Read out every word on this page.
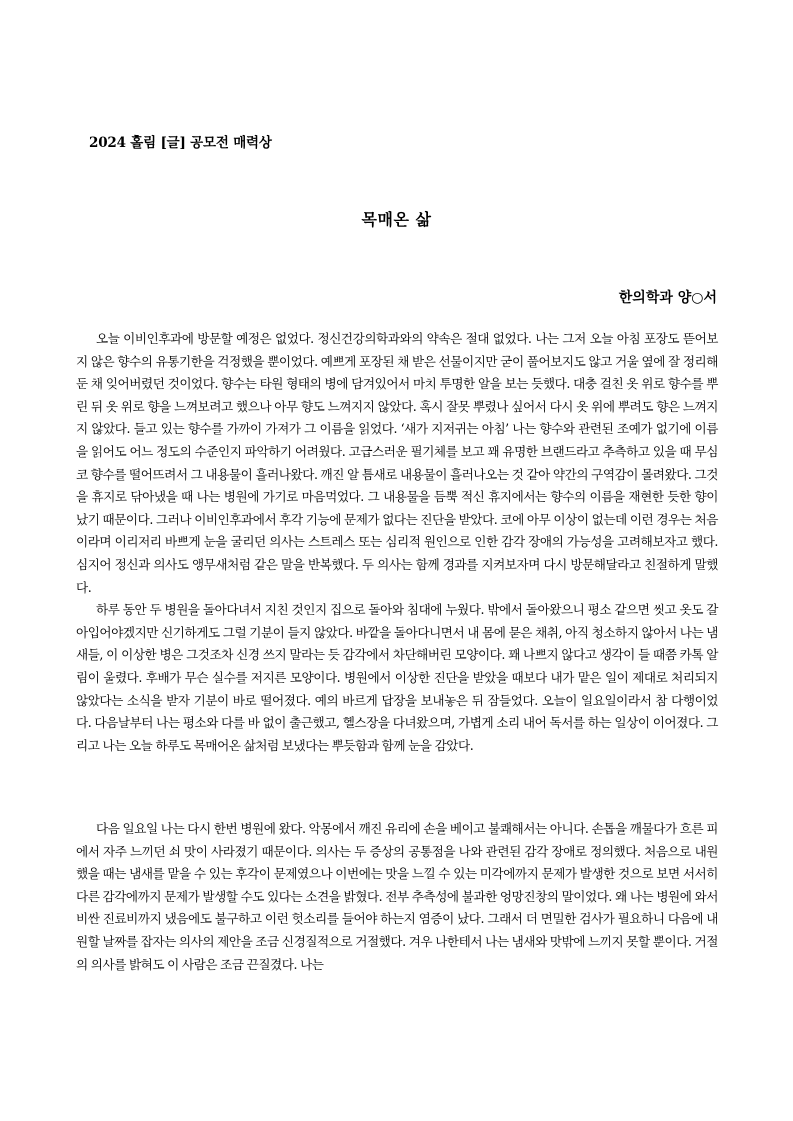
2024 홀림 [글] 공모전 매력상
목매온 삶
한의학과 양○서

오늘 이비인후과에 방문할 예정은 없었다. 정신건강의학과와의 약속은 절대 없었다. 나는 그저 오늘 아침 포장도 뜯어보지 않은 향수의 유통기한을 걱정했을 뿐이었다. 예쁘게 포장된 채 받은 선물이지만 굳이 풀어보지도 않고 거울 옆에 잘 정리해둔 채 잊어버렸던 것이었다. 향수는 타원 형태의 병에 담겨있어서 마치 투명한 알을 보는 듯했다. 대충 걸친 옷 위로 향수를 뿌린 뒤 옷 위로 향을 느껴보려고 했으나 아무 향도 느껴지지 않았다. 혹시 잘못 뿌렸나 싶어서 다시 옷 위에 뿌려도 향은 느껴지지 않았다. 들고 있는 향수를 가까이 가져가 그 이름을 읽었다. ‘새가 지저귀는 아침’ 나는 향수와 관련된 조예가 없기에 이름을 읽어도 어느 정도의 수준인지 파악하기 어려웠다. 고급스러운 필기체를 보고 꽤 유명한 브랜드라고 추측하고 있을 때 무심코 향수를 떨어뜨려서 그 내용물이 흘러나왔다. 깨진 알 틈새로 내용물이 흘러나오는 것 같아 약간의 구역감이 몰려왔다. 그것을 휴지로 닦아냈을 때 나는 병원에 가기로 마음먹었다. 그 내용물을 듬뿍 적신 휴지에서는 향수의 이름을 재현한 듯한 향이 났기 때문이다. 그러나 이비인후과에서 후각 기능에 문제가 없다는 진단을 받았다. 코에 아무 이상이 없는데 이런 경우는 처음이라며 이리저리 바쁘게 눈을 굴리던 의사는 스트레스 또는 심리적 원인으로 인한 감각 장애의 가능성을 고려해보자고 했다. 심지어 정신과 의사도 앵무새처럼 같은 말을 반복했다. 두 의사는 함께 경과를 지켜보자며 다시 방문해달라고 친절하게 말했다.

하루 동안 두 병원을 돌아다녀서 지친 것인지 집으로 돌아와 침대에 누웠다. 밖에서 돌아왔으니 평소 같으면 씻고 옷도 갈아입어야겠지만 신기하게도 그럴 기분이 들지 않았다. 바깥을 돌아다니면서 내 몸에 묻은 채취, 아직 청소하지 않아서 나는 냄새들, 이 이상한 병은 그것조차 신경 쓰지 말라는 듯 감각에서 차단해버린 모양이다. 꽤 나쁘지 않다고 생각이 들 때쯤 카톡 알림이 울렸다. 후배가 무슨 실수를 저지른 모양이다. 병원에서 이상한 진단을 받았을 때보다 내가 맡은 일이 제대로 처리되지 않았다는 소식을 받자 기분이 바로 떨어졌다. 예의 바르게 답장을 보내놓은 뒤 잠들었다. 오늘이 일요일이라서 참 다행이었다. 다음날부터 나는 평소와 다를 바 없이 출근했고, 헬스장을 다녀왔으며, 가볍게 소리 내어 독서를 하는 일상이 이어졌다. 그리고 나는 오늘 하루도 목매어온 삶처럼 보냈다는 뿌듯함과 함께 눈을 감았다.

다음 일요일 나는 다시 한번 병원에 왔다. 악몽에서 깨진 유리에 손을 베이고 불쾌해서는 아니다. 손톱을 깨물다가 흐른 피에서 자주 느끼던 쇠 맛이 사라졌기 때문이다. 의사는 두 증상의 공통점을 나와 관련된 감각 장애로 정의했다. 처음으로 내원했을 때는 냄새를 맡을 수 있는 후각이 문제였으나 이번에는 맛을 느낄 수 있는 미각에까지 문제가 발생한 것으로 보면 서서히 다른 감각에까지 문제가 발생할 수도 있다는 소견을 밝혔다. 전부 추측성에 불과한 엉망진창의 말이었다. 왜 나는 병원에 와서 비싼 진료비까지 냈음에도 불구하고 이런 헛소리를 들어야 하는지 염증이 났다. 그래서 더 면밀한 검사가 필요하니 다음에 내원할 날짜를 잡자는 의사의 제안을 조금 신경질적으로 거절했다. 겨우 나한테서 나는 냄새와 맛밖에 느끼지 못할 뿐이다. 거절의 의사를 밝혀도 이 사람은 조금 끈질겼다. 나는
